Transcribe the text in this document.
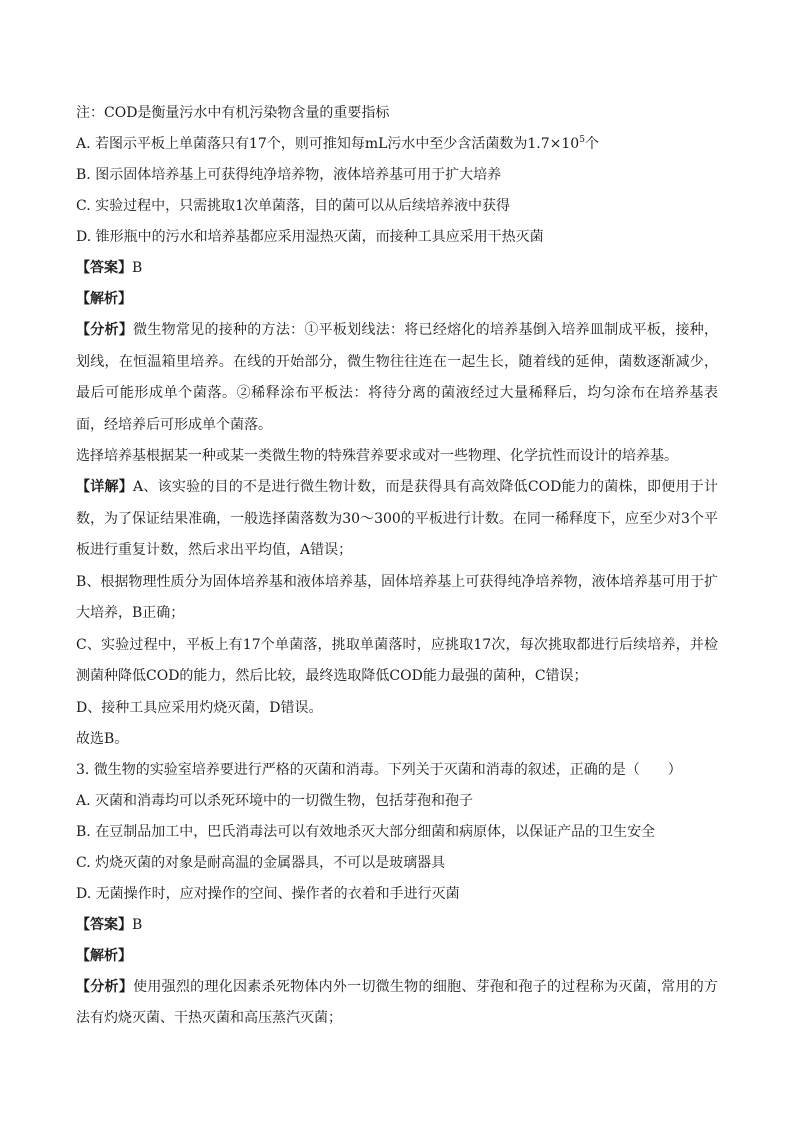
注：COD是衡量污水中有机污染物含量的重要指标

A. 若图示平板上单菌落只有17个，则可推知每mL污水中至少含活菌数为$1.7\times 10^5$个

B. 图示固体培养基上可获得纯净培养物，液体培养基可用于扩大培养

C. 实验过程中，只需挑取1次单菌落，目的菌可以从后续培养液中获得

D. 锥形瓶中的污水和培养基都应采用湿热灭菌，而接种工具应采用干热灭菌

【答案】B

【解析】

【分析】微生物常见的接种的方法：①平板划线法：将已经熔化的培养基倒入培养皿制成平板，接种，划线，在恒温箱里培养。在线的开始部分，微生物往往连在一起生长，随着线的延伸，菌数逐渐减少，最后可能形成单个菌落。②稀释涂布平板法：将待分离的菌液经过大量稀释后，均匀涂布在培养基表面，经培养后可形成单个菌落。

选择培养基根据某一种或某一类微生物的特殊营养要求或对一些物理、化学抗性而设计的培养基。

【详解】A、该实验的目的不是进行微生物计数，而是获得具有高效降低COD能力的菌株，即便用于计数，为了保证结果准确，一般选择菌落数为30～300的平板进行计数。在同一稀释度下，应至少对3个平板进行重复计数，然后求出平均值，A错误；

B、根据物理性质分为固体培养基和液体培养基，固体培养基上可获得纯净培养物，液体培养基可用于扩大培养，B正确；

C、实验过程中，平板上有17个单菌落，挑取单菌落时，应挑取17次，每次挑取都进行后续培养，并检测菌种降低COD的能力，然后比较，最终选取降低COD能力最强的菌种，C错误；

D、接种工具应采用灼烧灭菌，D错误。

故选B。

3. 微生物的实验室培养要进行严格的灭菌和消毒。下列关于灭菌和消毒的叙述，正确的是（　　）

A. 灭菌和消毒均可以杀死环境中的一切微生物，包括芽孢和孢子

B. 在豆制品加工中，巴氏消毒法可以有效地杀灭大部分细菌和病原体，以保证产品的卫生安全

C. 灼烧灭菌的对象是耐高温的金属器具，不可以是玻璃器具

D. 无菌操作时，应对操作的空间、操作者的衣着和手进行灭菌

【答案】B

【解析】

【分析】使用强烈的理化因素杀死物体内外一切微生物的细胞、芽孢和孢子的过程称为灭菌，常用的方法有灼烧灭菌、干热灭菌和高压蒸汽灭菌；
